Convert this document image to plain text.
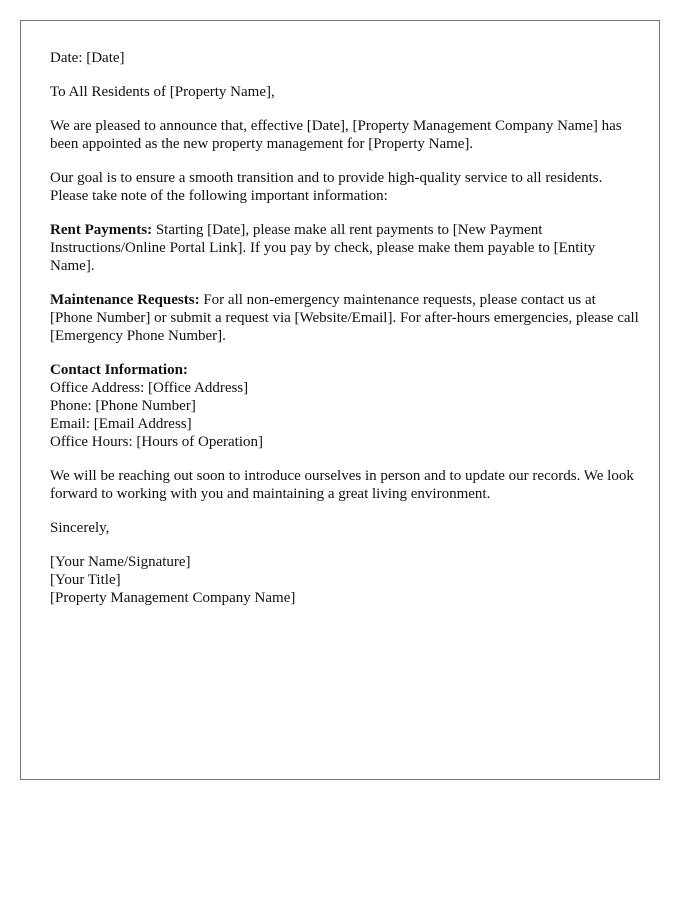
Date: [Date]

To All Residents of [Property Name],

We are pleased to announce that, effective [Date], [Property Management Company Name] has been appointed as the new property management for [Property Name].

Our goal is to ensure a smooth transition and to provide high-quality service to all residents. Please take note of the following important information:

Rent Payments: Starting [Date], please make all rent payments to [New Payment Instructions/Online Portal Link]. If you pay by check, please make them payable to [Entity Name].

Maintenance Requests: For all non-emergency maintenance requests, please contact us at [Phone Number] or submit a request via [Website/Email]. For after-hours emergencies, please call [Emergency Phone Number].

Contact Information:
Office Address: [Office Address]
Phone: [Phone Number]
Email: [Email Address]
Office Hours: [Hours of Operation]

We will be reaching out soon to introduce ourselves in person and to update our records. We look forward to working with you and maintaining a great living environment.

Sincerely,

[Your Name/Signature]
[Your Title]
[Property Management Company Name]
